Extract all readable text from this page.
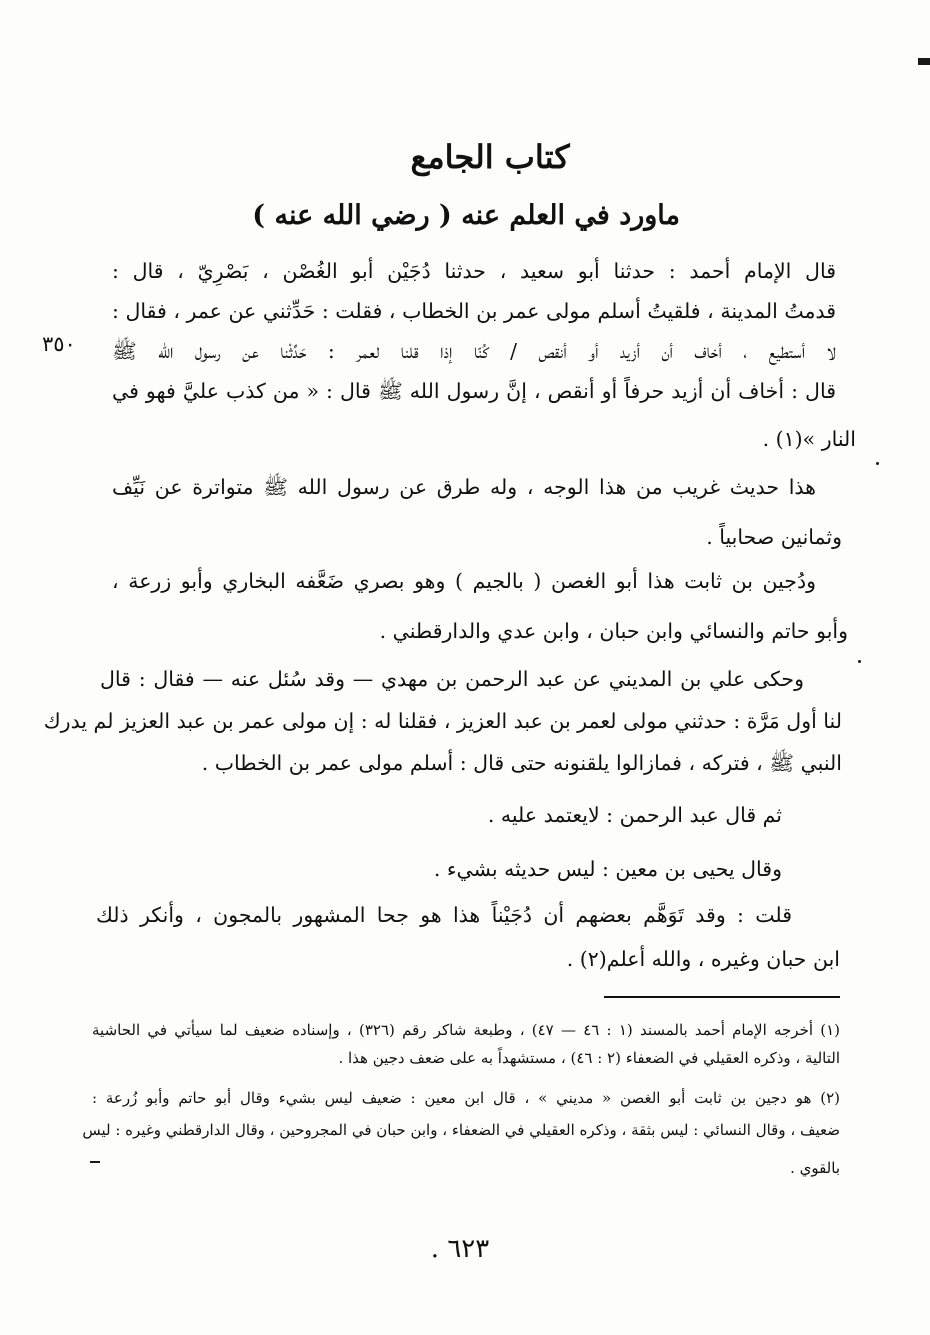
كتاب الجامع
ماورد في العلم عنه ( رضي الله عنه )
٣٥٠
قال الإمام أحمد : حدثنا أبو سعيد ، حدثنا دُجَيْن أبو الغُصْن ، بَصْرِيّ ، قال :
قدمتُ المدينة ، فلقيتُ أسلم مولى عمر بن الخطاب ، فقلت : حَدِّثني عن عمر ، فقال :
لا أستطيع ، أخاف أن أزيد أو أنقص / كُنّا إذا قلنا لعمر : حَدِّثْنا عن رسول الله ﷺ
قال : أخاف أن أزيد حرفاً أو أنقص ، إنَّ رسول الله ﷺ قال : « من كذب عليَّ فهو في
النار »(١) .
هذا حديث غريب من هذا الوجه ، وله طرق عن رسول الله ﷺ متواترة عن نَيِّف
وثمانين صحابياً .
ودُجين بن ثابت هذا أبو الغصن ( بالجيم ) وهو بصري ضَعَّفه البخاري وأبو زرعة ،
وأبو حاتم والنسائي وابن حبان ، وابن عدي والدارقطني .
وحكى علي بن المديني عن عبد الرحمن بن مهدي — وقد سُئل عنه — فقال : قال
لنا أول مَرَّة : حدثني مولى لعمر بن عبد العزيز ، فقلنا له : إن مولى عمر بن عبد العزيز لم يدرك
النبي ﷺ ، فتركه ، فمازالوا يلقنونه حتى قال : أسلم مولى عمر بن الخطاب .
ثم قال عبد الرحمن : لايعتمد عليه .
وقال يحيى بن معين : ليس حديثه بشيء .
قلت : وقد تَوَهَّم بعضهم أن دُجَيْناً هذا هو جحا المشهور بالمجون ، وأنكر ذلك
ابن حبان وغيره ، والله أعلم(٢) .
(١) أخرجه الإمام أحمد بالمسند (١ : ٤٦ — ٤٧) ، وطبعة شاكر رقم (٣٢٦) ، وإسناده ضعيف لما سيأتي في الحاشية
التالية ، وذكره العقيلي في الضعفاء (٢ : ٤٦) ، مستشهداً به على ضعف دجين هذا .
(٢) هو دجين بن ثابت أبو الغصن « مديني » ، قال ابن معين : ضعيف ليس بشيء وقال أبو حاتم وأبو زُرعة :
ضعيف ، وقال النسائي : ليس بثقة ، وذكره العقيلي في الضعفاء ، وابن حبان في المجروحين ، وقال الدارقطني وغيره : ليس
بالقوي .
٦٢٣ .
